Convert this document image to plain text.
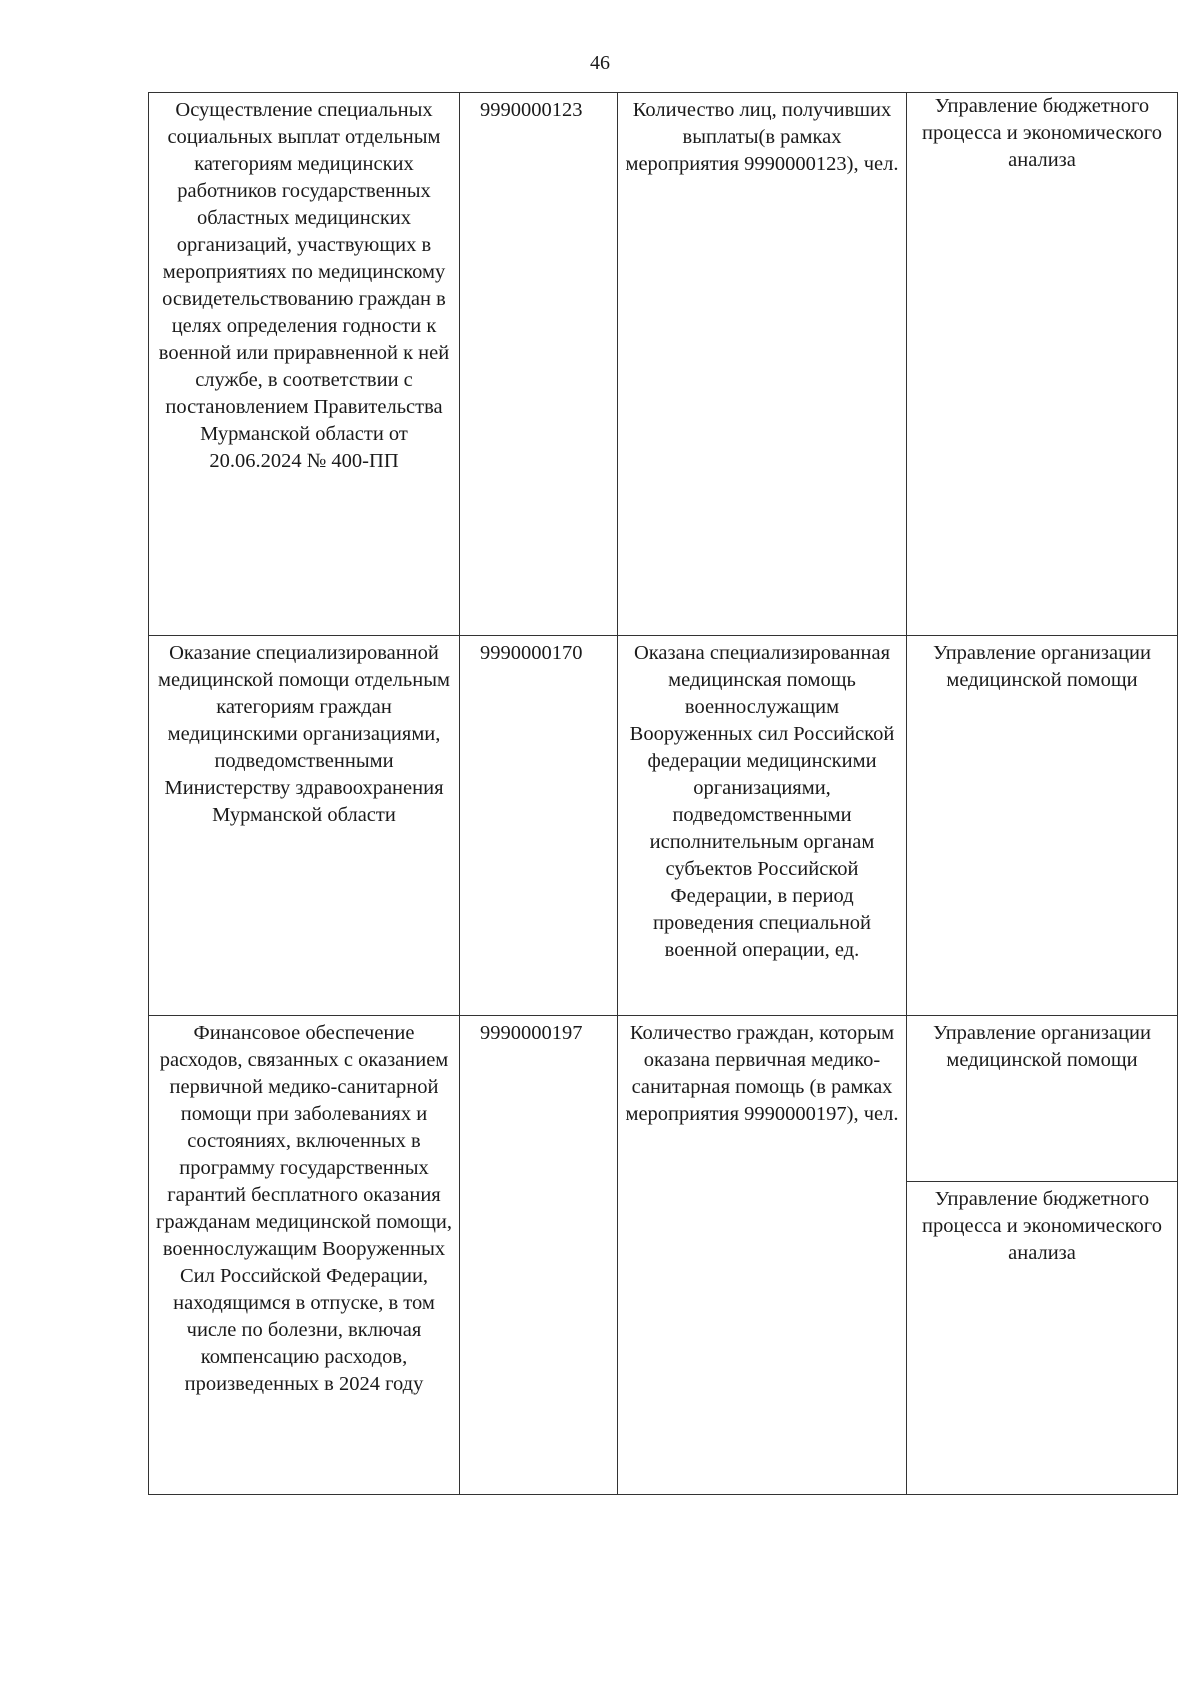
46
Осуществление специальных социальных выплат отдельным категориям медицинских работников государственных областных медицинских организаций, участвующих в мероприятиях по медицинскому освидетельствованию граждан в целях определения годности к военной или приравненной к ней службе, в соответствии с постановлением Правительства Мурманской области от 20.06.2024 № 400-ПП	9990000123	Количество лиц, получивших выплаты(в рамках мероприятия 9990000123), чел.	Управление бюджетного процесса и экономического анализа

Оказание специализированной медицинской помощи отдельным категориям граждан медицинскими организациями, подведомственными Министерству здравоохранения Мурманской области	9990000170	Оказана специализированная медицинская помощь военнослужащим Вооруженных сил Российской федерации медицинскими организациями, подведомственными исполнительным органам субъектов Российской Федерации, в период проведения специальной военной операции, ед.	Управление организации медицинской помощи

Финансовое обеспечение расходов, связанных с оказанием первичной медико-санитарной помощи при заболеваниях и состояниях, включенных в программу государственных гарантий бесплатного оказания гражданам медицинской помощи, военнослужащим Вооруженных Сил Российской Федерации, находящимся в отпуске, в том числе по болезни, включая компенсацию расходов, произведенных в 2024 году	9990000197	Количество граждан, которым оказана первичная медико-санитарная помощь (в рамках мероприятия 9990000197), чел.	Управление организации медицинской помощи
Управление бюджетного процесса и экономического анализа
